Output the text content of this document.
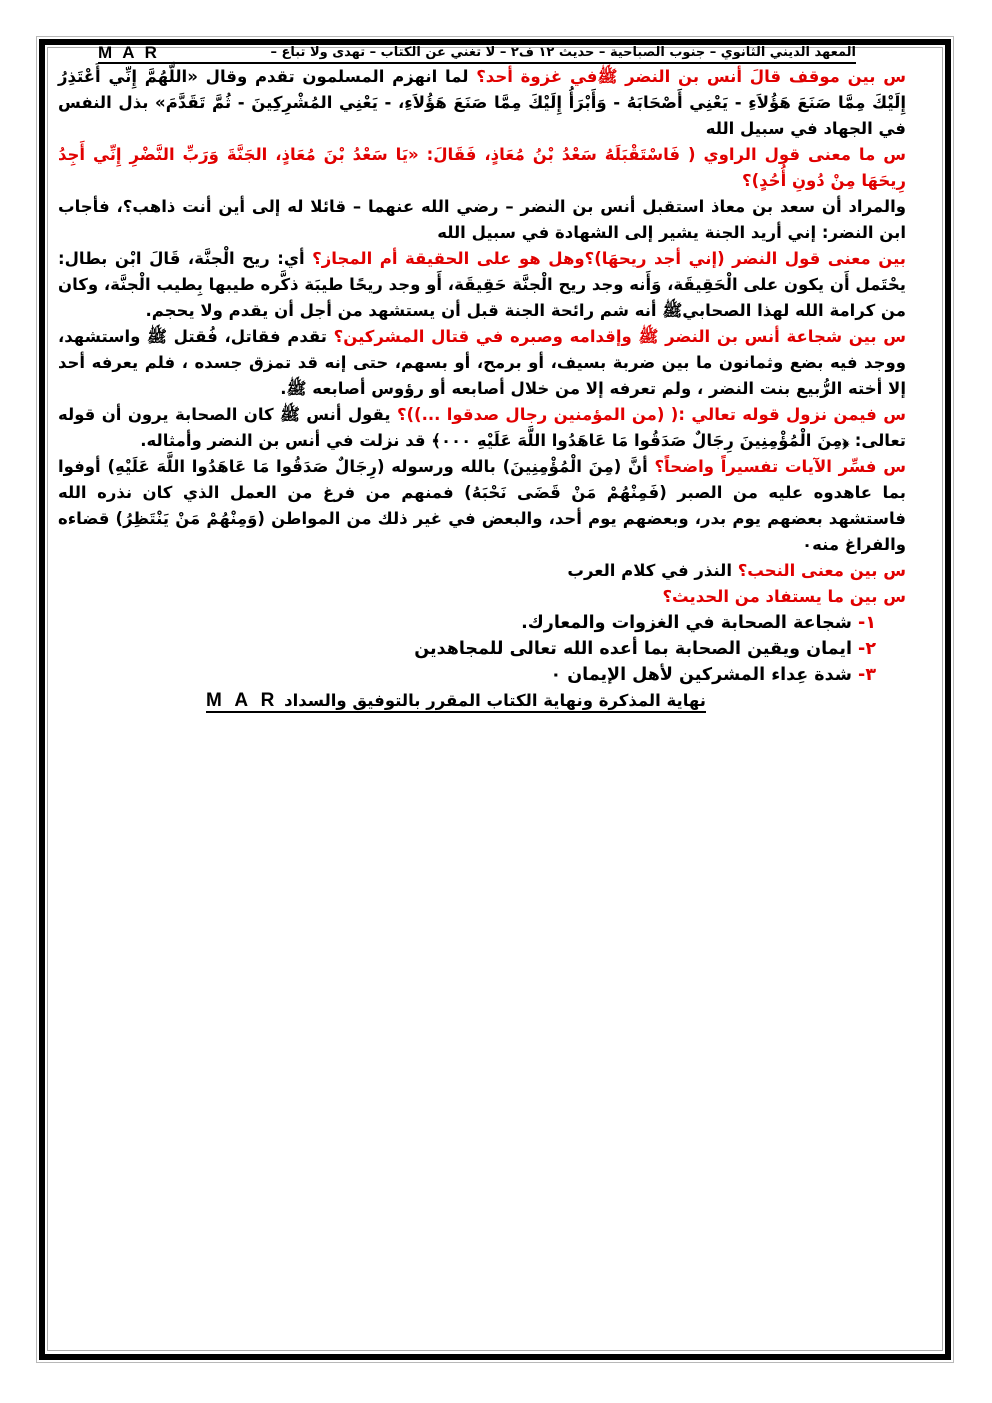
المعهد الديني الثانوي – جنوب الصباحية – حديث ١٢ ف٢ – لا تغني عن الكتاب – تهدى ولا تباع –
M A R

س بين موقف قالَ أنس بن النضر ﷺفي غزوة أحد؟ لما انهزم المسلمون تقدم وقال «اللَّهُمَّ إِنِّي أَعْتَذِرُ إِلَيْكَ مِمَّا صَنَعَ هَؤُلاَءِ - يَعْنِي أَصْحَابَهُ - وَأَبْرَأُ إِلَيْكَ مِمَّا صَنَعَ هَؤُلاَءِ، - يَعْنِي المُشْرِكِينَ - ثُمَّ تَقَدَّمَ» بذل النفس في الجهاد في سبيل الله

س ما معنى قول الراوي ( فَاسْتَقْبَلَهُ سَعْدُ بْنُ مُعَاذٍ، فَقَالَ: «يَا سَعْدُ بْنَ مُعَاذٍ، الجَنَّةَ وَرَبِّ النَّضْرِ إِنِّي أَجِدُ رِيحَهَا مِنْ دُونِ أُحُدٍ)؟

والمراد أن سعد بن معاذ استقبل أنس بن النضر – رضي الله عنهما – قائلا له إلى أين أنت ذاهب؟، فأجاب ابن النضر: إني أريد الجنة يشير إلى الشهادة في سبيل الله

بين معنى قول النضر (إني أجد ريحهَا)؟وهل هو على الحقيقة أم المجاز؟ أي: ريح الْجنَّة، قَالَ ابْن بطال: يحْتَمل أَن يكون على الْحَقِيقَة، وَأَنه وجد ريح الْجنَّة حَقِيقَة، أَو وجد ريحًا طيبَة ذكَّره طيبها بِطيب الْجنَّة، وكان من كرامة الله لهذا الصحابيﷺ أنه شم رائحة الجنة قبل أن يستشهد من أجل أن يقدم ولا يحجم.

س بين شجاعة أنس بن النضر ﷺ وإقدامه وصبره في قتال المشركين؟ تقدم فقاتل، فُقتل ﷺ واستشهد، ووجد فيه بضع وثمانون ما بين ضربة بسيف، أو برمح، أو بسهم، حتى إنه قد تمزق جسده ، فلم يعرفه أحد إلا أخته الرُّبيع بنت النضر ، ولم تعرفه إلا من خلال أصابعه أو رؤوس أصابعه ﷺ.

س فيمن نزول قوله تعالي :( (من المؤمنين رجال صدقوا ...))؟ يقول أنس ﷺ كان الصحابة يرون أن قوله تعالى: ﴿مِنَ الْمُؤْمِنِينَ رِجَالٌ صَدَقُوا مَا عَاهَدُوا اللَّهَ عَلَيْهِ ٠٠٠﴾ قد نزلت في أنس بن النضر وأمثاله.

س فسِّر الآيات تفسيراً واضحاً؟ أنَّ (مِنَ الْمُؤْمِنِينَ) بالله ورسوله (رِجَالٌ صَدَقُوا مَا عَاهَدُوا اللَّهَ عَلَيْهِ) أوفوا بما عاهدوه عليه من الصبر (فَمِنْهُمْ مَنْ قَضَى نَحْبَهُ) فمنهم من فرغ من العمل الذي كان نذره الله فاستشهد بعضهم يوم بدر، وبعضهم يوم أحد، والبعض في غير ذلك من المواطن (وَمِنْهُمْ مَنْ يَنْتَظِرُ) قضاءه والفراغ منه٠

س بين معنى النحب؟ النذر في كلام العرب

س بين ما يستفاد من الحديث؟

١- شجاعة الصحابة في الغزوات والمعارك.
٢- ايمان ويقين الصحابة بما أعده الله تعالى للمجاهدين
٣- شدة عِداء المشركين لأهل الإيمان ٠
نهاية المذكرة ونهاية الكتاب المقرر بالتوفيق والسداد M A R
